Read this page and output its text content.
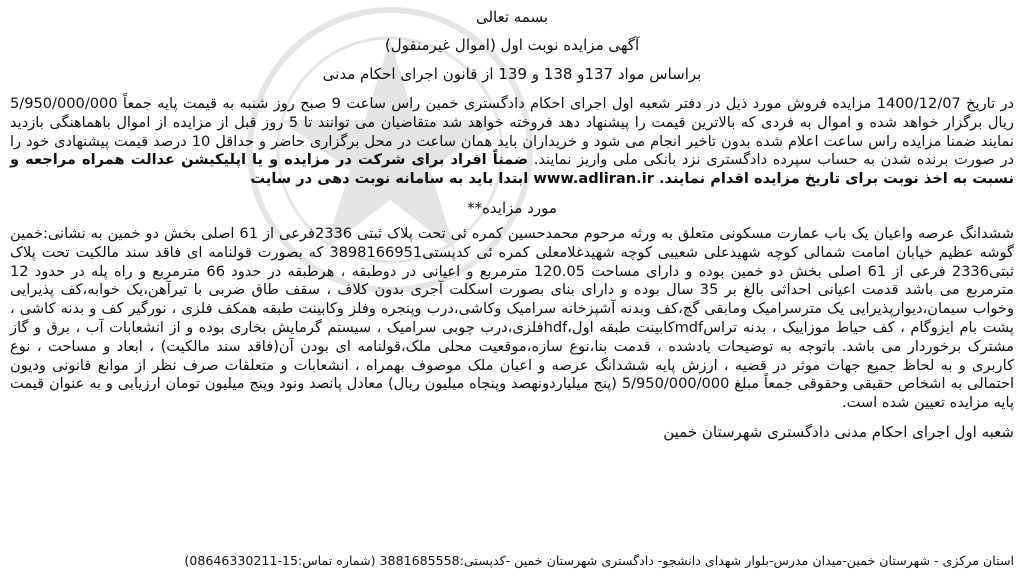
بسمه تعالی
آگهی مزایده نوبت اول (اموال غیرمنقول)
براساس مواد 137و 138 و 139 از قانون اجرای احکام مدنی

در تاریخ 1400/12/07 مزایده فروش مورد ذیل در دفتر شعبه اول اجرای احکام دادگستری خمین راس ساعت 9 صبح روز شنبه به قیمت پایه جمعاً 5/950/000/000 ریال برگزار خواهد شده و اموال به فردی که بالاترین قیمت را پیشنهاد دهد فروخته خواهد شد متقاضیان می توانند تا 5 روز قبل از مزایده از اموال باهماهنگی بازدید نمایند ضمنا مزایده راس ساعت اعلام شده بدون تاخیر انجام می شود و خریداران باید همان ساعت در محل برگزاری حاضر و حداقل 10 درصد قیمت پیشنهادی خود را در صورت برنده شدن به حساب سپرده دادگستری نزد بانکی ملی واریز نمایند. ضمناً افراد برای شرکت در مزایده و یا اپلیکیشن عدالت همراه مراجعه و نسبت به اخذ نوبت برای تاریخ مزایده اقدام نمایند. www.adliran.ir ابتدا باید به سامانه نوبت دهی در سایت

مورد مزایده**

ششدانگ عرصه واعیان یک باب عمارت مسکونی متعلق به ورثه مرحوم محمدحسین کمره ئی تحت پلاک ثبتی 2336فرعی از 61 اصلی بخش دو خمین به نشانی:خمین گوشه عظیم خیابان امامت شمالی کوچه شهیدعلی شعیبی کوچه شهیدغلامعلی کمره ئی کدپستی3898166951 که بصورت قولنامه ای فاقد سند مالکیت تحت پلاک ثبتی2336 فرعی از 61 اصلی بخش دو خمین بوده و دارای مساحت 120.05 مترمربع و اعیانی در دوطبقه ، هرطبقه در حدود 66 مترمربع و راه پله در حدود 12 مترمربع می باشد قدمت اعیانی احداثی بالغ بر 35 سال بوده و دارای بنای بصورت اسکلت آجری بدون کلاف ، سقف طاق ضربی با تیرآهن،یک خوابه،کف پذیرایی وخواب سیمان،دیوارپذیرایی یک مترسرامیک ومابقی گچ،کف وبدنه آشپزخانه سرامیک وکاشی،درب وپنجره وفلز وکابینت طبقه همکف فلزی ، نورگیر کف و بدنه کاشی ، پشت بام ایزوگام ، کف حیاط موزاییک ، بدنه تراسmdfکابینت طبقه اول،hdfفلزی،درب چوبی سرامیک ، سیستم گرمایش بخاری بوده و از انشعابات آب ، برق و گاز مشترک برخوردار می باشد. باتوجه به توضیحات یادشده ، قدمت بنا،نوع سازه،موقعیت محلی ملک،قولنامه ای بودن آن(فاقد سند مالکیت) ، ابعاد و مساحت ، نوع کاربری و به لحاظ جمیع جهات موثر در قضیه ، ارزش پایه ششدانگ عرصه و اعیان ملک موصوف بهمراه ، انشعابات و متعلقات صرف نظر از موانع قانونی ودیون احتمالی به اشخاص حقیقی وحقوقی جمعاً مبلغ 5/950/000/000 (پنج میلیاردونهصد وپنجاه میلیون ریال) معادل پانصد ونود وپنج میلیون تومان ارزیابی و به عنوان قیمت پایه مزایده تعیین شده است.

شعبه اول اجرای احکام مدنی دادگستری شهرستان خمین
استان مرکزی - شهرستان خمین-میدان مدرس-بلوار شهدای دانشجو- دادگستری شهرستان خمین -کدپستی:3881685558 (شماره تماس:15-08646330211)
